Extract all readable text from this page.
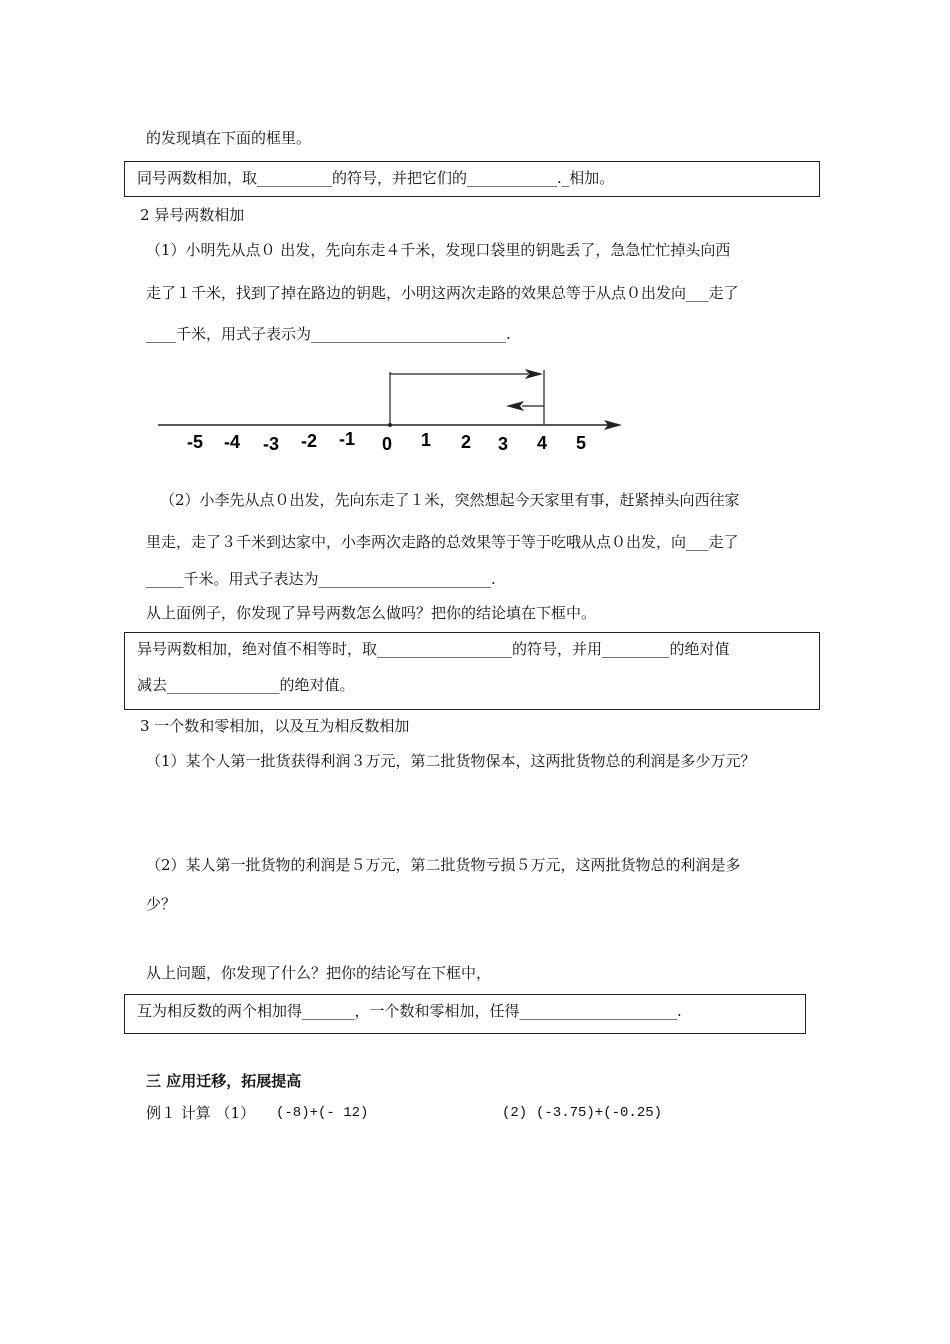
的发现填在下面的框里。
同号两数相加，取__________的符号，并把它们的____________._相加。
2 异号两数相加
（1）小明先从点０ 出发，先向东走４千米，发现口袋里的钥匙丢了，急急忙忙掉头向西
走了１千米，找到了掉在路边的钥匙，小明这两次走路的效果总等于从点０出发向___走了
____千米，用式子表示为__________________________.
-5 -4 -3 -2 -1 0 1 2 3 4 5
（2）小李先从点０出发，先向东走了１米，突然想起今天家里有事，赶紧掉头向西往家
里走，走了３千米到达家中，小李两次走路的总效果等于等于吃哦从点０出发，向___走了
_____千米。用式子表达为_______________________.
从上面例子，你发现了异号两数怎么做吗？把你的结论填在下框中。
异号两数相加，绝对值不相等时，取__________________的符号，并用_________的绝对值
减去_______________的绝对值。
3 一个数和零相加，以及互为相反数相加
（1）某个人第一批货获得利润３万元，第二批货物保本，这两批货物总的利润是多少万元？
（2）某人第一批货物的利润是５万元，第二批货物亏损５万元，这两批货物总的利润是多
少？
从上问题，你发现了什么？把你的结论写在下框中，
互为相反数的两个相加得_______，一个数和零相加，任得_____________________.
三 应用迁移，拓展提高
例１ 计算 （1） (-8)+(- 12)	(2) (-3.75)+(-0.25)
